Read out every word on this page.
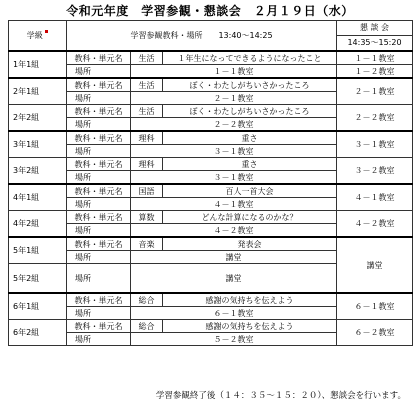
令和元年度　学習参観・懇談会　２月１９日（水）
学級	学習参観教科・場所　　13:40～14:25			懇 談 会
				14:35～15:20
1年1組	教科・単元名	生活	１年生になってできるようになったこと	１－１教室
	場所	１－１教室		１－２教室
2年1組	教科・単元名	生活	ぼく・わたしがちいさかったころ	２－１教室
	場所	２－１教室		
2年2組	教科・単元名	生活	ぼく・わたしがちいさかったころ	２－２教室
	場所	２－２教室		
3年1組	教科・単元名	理科	重さ	３－１教室
	場所	３－１教室		
3年2組	教科・単元名	理科	重さ	３－２教室
	場所	３－１教室		
4年1組	教科・単元名	国語	百人一首大会	４－１教室
	場所	４－１教室		
4年2組	教科・単元名	算数	どんな計算になるのかな？	４－２教室
	場所	４－２教室		
5年1組	教科・単元名	音楽	発表会	講堂
	場所	講堂		
5年2組	場所	講堂		

6年1組	教科・単元名	総合	感謝の気持ちを伝えよう	６－１教室
	場所	６－１教室		
6年2組	教科・単元名	総合	感謝の気持ちを伝えよう	６－２教室
	場所	５－２教室		
学習参観終了後（１４：３５～１５：２０）、懇談会を行います。
